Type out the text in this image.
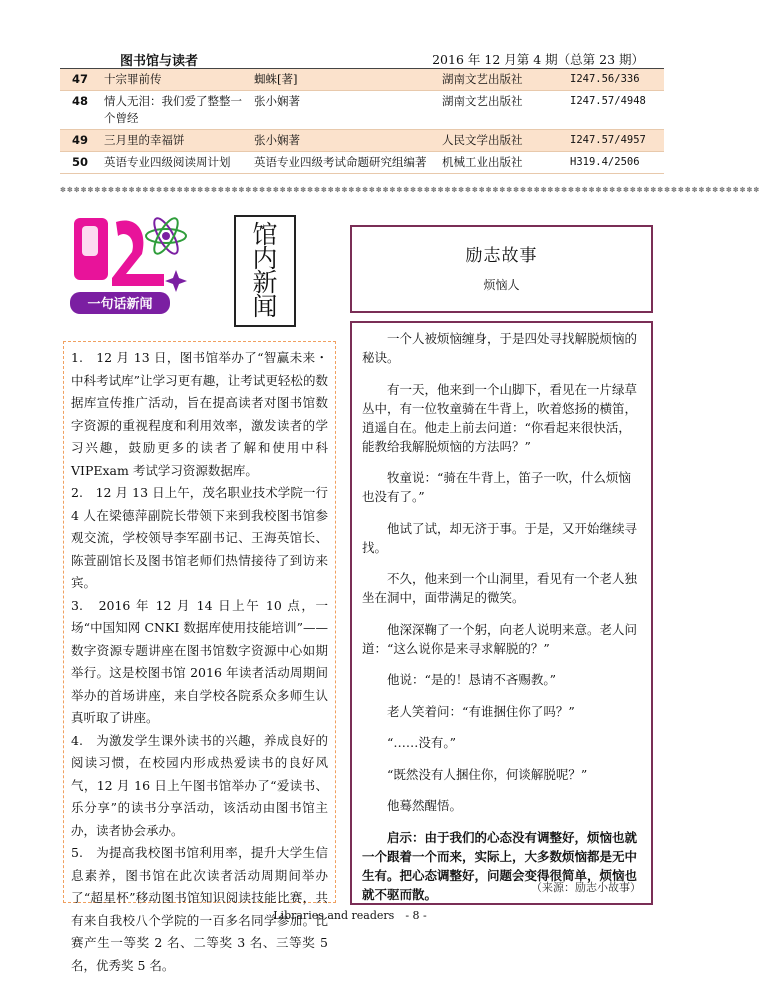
图书馆与读者	2016 年 12 月第 4 期（总第 23 期）
47	十宗罪前传	蜘蛛[著]	湖南文艺出版社	I247.56/336
48	情人无泪：我们爱了整整一个曾经	张小娴著	湖南文艺出版社	I247.57/4948
49	三月里的幸福饼	张小娴著	人民文学出版社	I247.57/4957
50	英语专业四级阅读周计划	英语专业四级考试命题研究组编著	机械工业出版社	H319.4/2506
✽✽✽✽✽✽✽✽✽✽✽✽✽✽✽✽✽✽✽✽✽✽✽✽✽✽✽✽✽✽✽✽✽✽✽✽✽✽✽✽✽✽✽✽✽✽✽✽✽✽✽✽✽✽✽✽✽✽✽✽✽✽✽✽✽✽✽✽✽✽✽✽✽✽✽✽✽✽✽✽✽✽✽✽✽✽✽✽✽✽✽✽✽✽✽✽✽✽✽✽✽✽
一句话新闻
馆
内
新
闻

1.　12 月 13 日，图书馆举办了“智赢未来・中科考试库”让学习更有趣，让考试更轻松的数据库宣传推广活动，旨在提高读者对图书馆数字资源的重视程度和利用效率，激发读者的学习兴趣，鼓励更多的读者了解和使用中科 VIPExam 考试学习资源数据库。

2.　12 月 13 日上午，茂名职业技术学院一行 4 人在梁德萍副院长带领下来到我校图书馆参观交流，学校领导李军副书记、王海英馆长、陈萱副馆长及图书馆老师们热情接待了到访来宾。

3.　2016 年 12 月 14 日上午 10 点，一场“中国知网 CNKI 数据库使用技能培训”——数字资源专题讲座在图书馆数字资源中心如期举行。这是校图书馆 2016 年读者活动周期间举办的首场讲座，来自学校各院系众多师生认真听取了讲座。

4.　为激发学生课外读书的兴趣，养成良好的阅读习惯，在校园内形成热爱读书的良好风气，12 月 16 日上午图书馆举办了“爱读书、乐分享”的读书分享活动，该活动由图书馆主办，读者协会承办。

5.　为提高我校图书馆利用率，提升大学生信息素养，图书馆在此次读者活动周期间举办了“超星杯”移动图书馆知识阅读技能比赛，共有来自我校八个学院的一百多名同学参加。比赛产生一等奖 2 名、二等奖 3 名、三等奖 5 名，优秀奖 5 名。

励志故事
烦恼人

一个人被烦恼缠身，于是四处寻找解脱烦恼的秘诀。

有一天，他来到一个山脚下，看见在一片绿草丛中，有一位牧童骑在牛背上，吹着悠扬的横笛，逍遥自在。他走上前去问道：“你看起来很快活，能教给我解脱烦恼的方法吗？”

牧童说：“骑在牛背上，笛子一吹，什么烦恼也没有了。”

他试了试，却无济于事。于是，又开始继续寻找。

不久，他来到一个山洞里，看见有一个老人独坐在洞中，面带满足的微笑。

他深深鞠了一个躬，向老人说明来意。老人问道：“这么说你是来寻求解脱的？”

他说：“是的！恳请不吝赐教。”

老人笑着问：“有谁捆住你了吗？”

“……没有。”

“既然没有人捆住你，何谈解脱呢？”

他蓦然醒悟。

启示：由于我们的心态没有调整好，烦恼也就一个跟着一个而来，实际上，大多数烦恼都是无中生有。把心态调整好，问题会变得很简单，烦恼也就不驱而散。	（来源：励志小故事）
Libraries and readers　- 8 -
